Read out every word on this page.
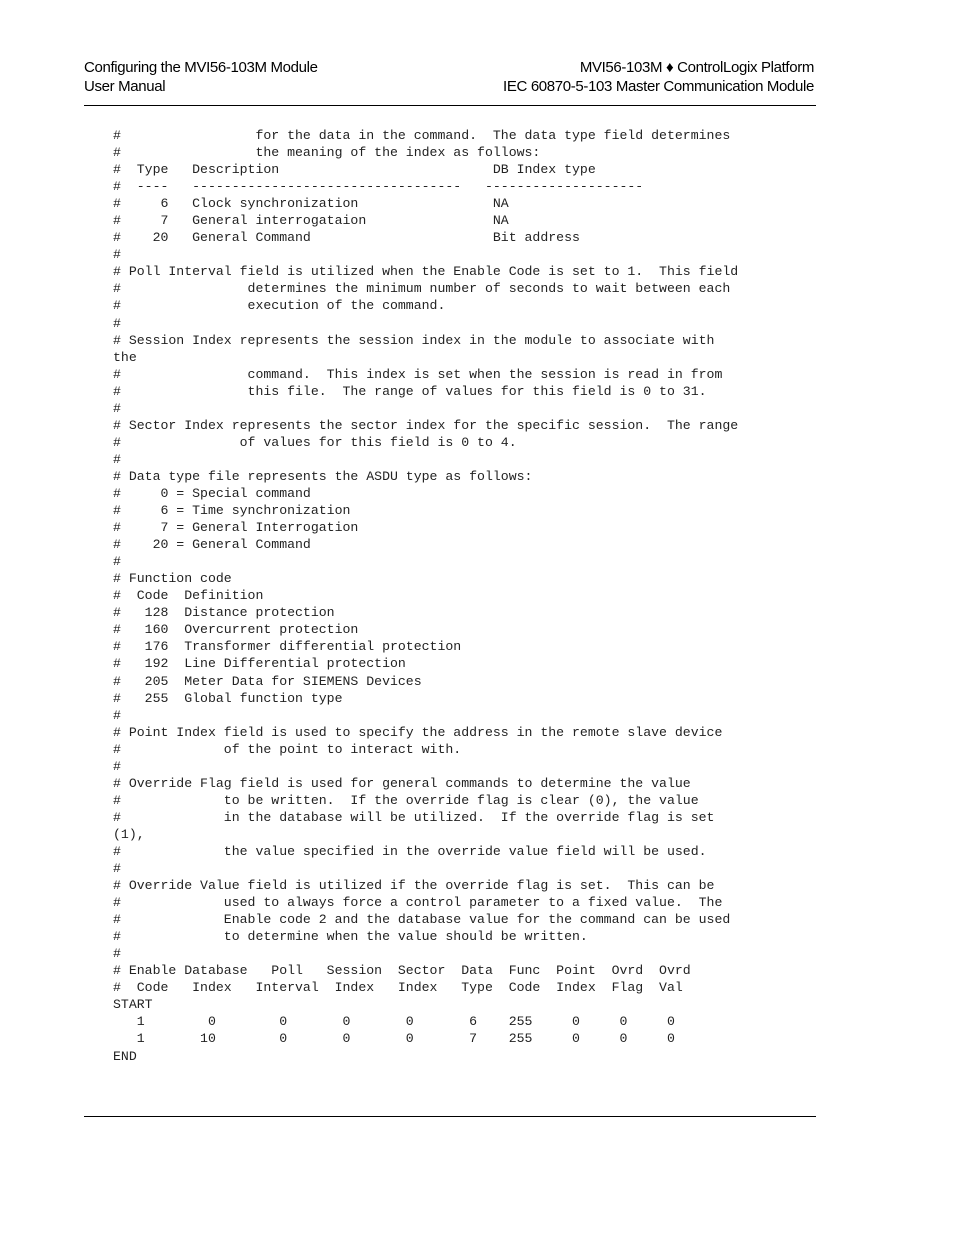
Configuring the MVI56-103M Module
User Manual
MVI56-103M ♦ ControlLogix Platform
IEC 60870-5-103 Master Communication Module
#                 for the data in the command.  The data type field determines
#                 the meaning of the index as follows:
#  Type   Description                           DB Index type
#  ----   ----------------------------------   --------------------
#     6   Clock synchronization                 NA
#     7   General interrogataion                NA
#    20   General Command                       Bit address
#
# Poll Interval field is utilized when the Enable Code is set to 1.  This field
#                determines the minimum number of seconds to wait between each
#                execution of the command.
#
# Session Index represents the session index in the module to associate with
the
#                command.  This index is set when the session is read in from
#                this file.  The range of values for this field is 0 to 31.
#
# Sector Index represents the sector index for the specific session.  The range
#               of values for this field is 0 to 4.
#
# Data type file represents the ASDU type as follows:
#     0 = Special command
#     6 = Time synchronization
#     7 = General Interrogation
#    20 = General Command
#
# Function code
#  Code  Definition
#   128  Distance protection
#   160  Overcurrent protection
#   176  Transformer differential protection
#   192  Line Differential protection
#   205  Meter Data for SIEMENS Devices
#   255  Global function type
#
# Point Index field is used to specify the address in the remote slave device
#             of the point to interact with.
#
# Override Flag field is used for general commands to determine the value
#             to be written.  If the override flag is clear (0), the value
#             in the database will be utilized.  If the override flag is set
(1),
#             the value specified in the override value field will be used.
#
# Override Value field is utilized if the override flag is set.  This can be
#             used to always force a control parameter to a fixed value.  The
#             Enable code 2 and the database value for the command can be used
#             to determine when the value should be written.
#
# Enable Database   Poll   Session  Sector  Data  Func  Point  Ovrd  Ovrd
#  Code   Index   Interval  Index   Index   Type  Code  Index  Flag  Val
START
1        0        0       0       0       6    255     0     0     0
1       10        0       0       0       7    255     0     0     0
END
